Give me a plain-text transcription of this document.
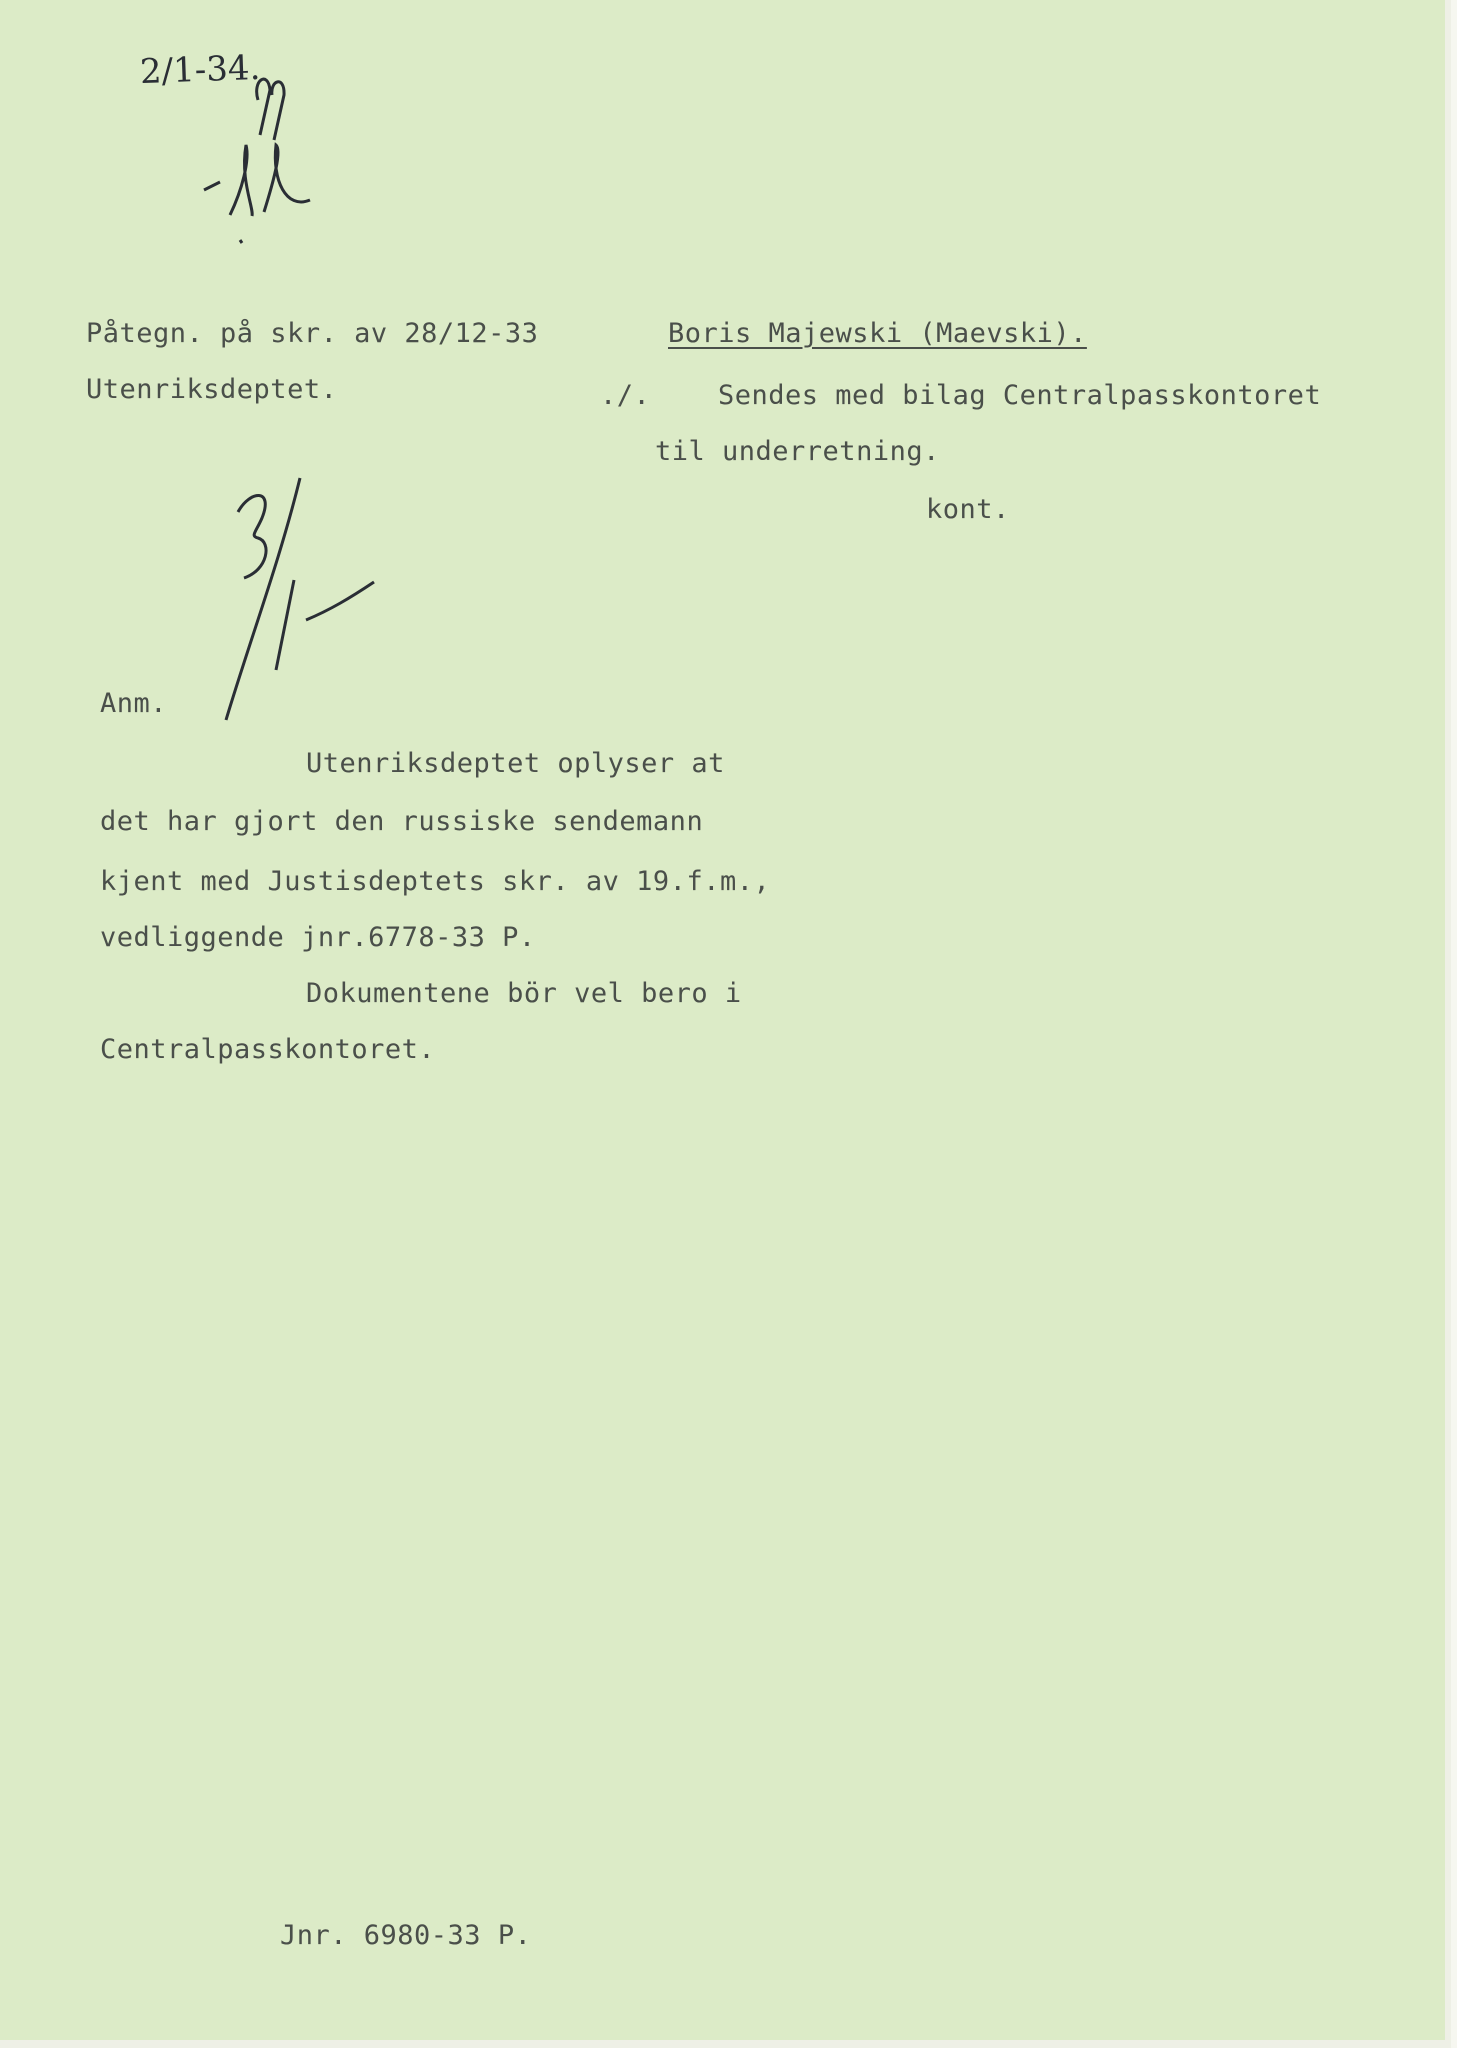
2/1-34.
Påtegn. på skr. av 28/12-33
Utenriksdeptet.
Boris Majewski (Maevski).
./.	Sendes med bilag Centralpasskontoret
til underretning.
kont.
Anm.
Utenriksdeptet oplyser at
det har gjort den russiske sendemann
kjent med Justisdeptets skr. av 19.f.m.,
vedliggende jnr.6778-33 P.
Dokumentene bör vel bero i
Centralpasskontoret.
Jnr. 6980-33 P.
